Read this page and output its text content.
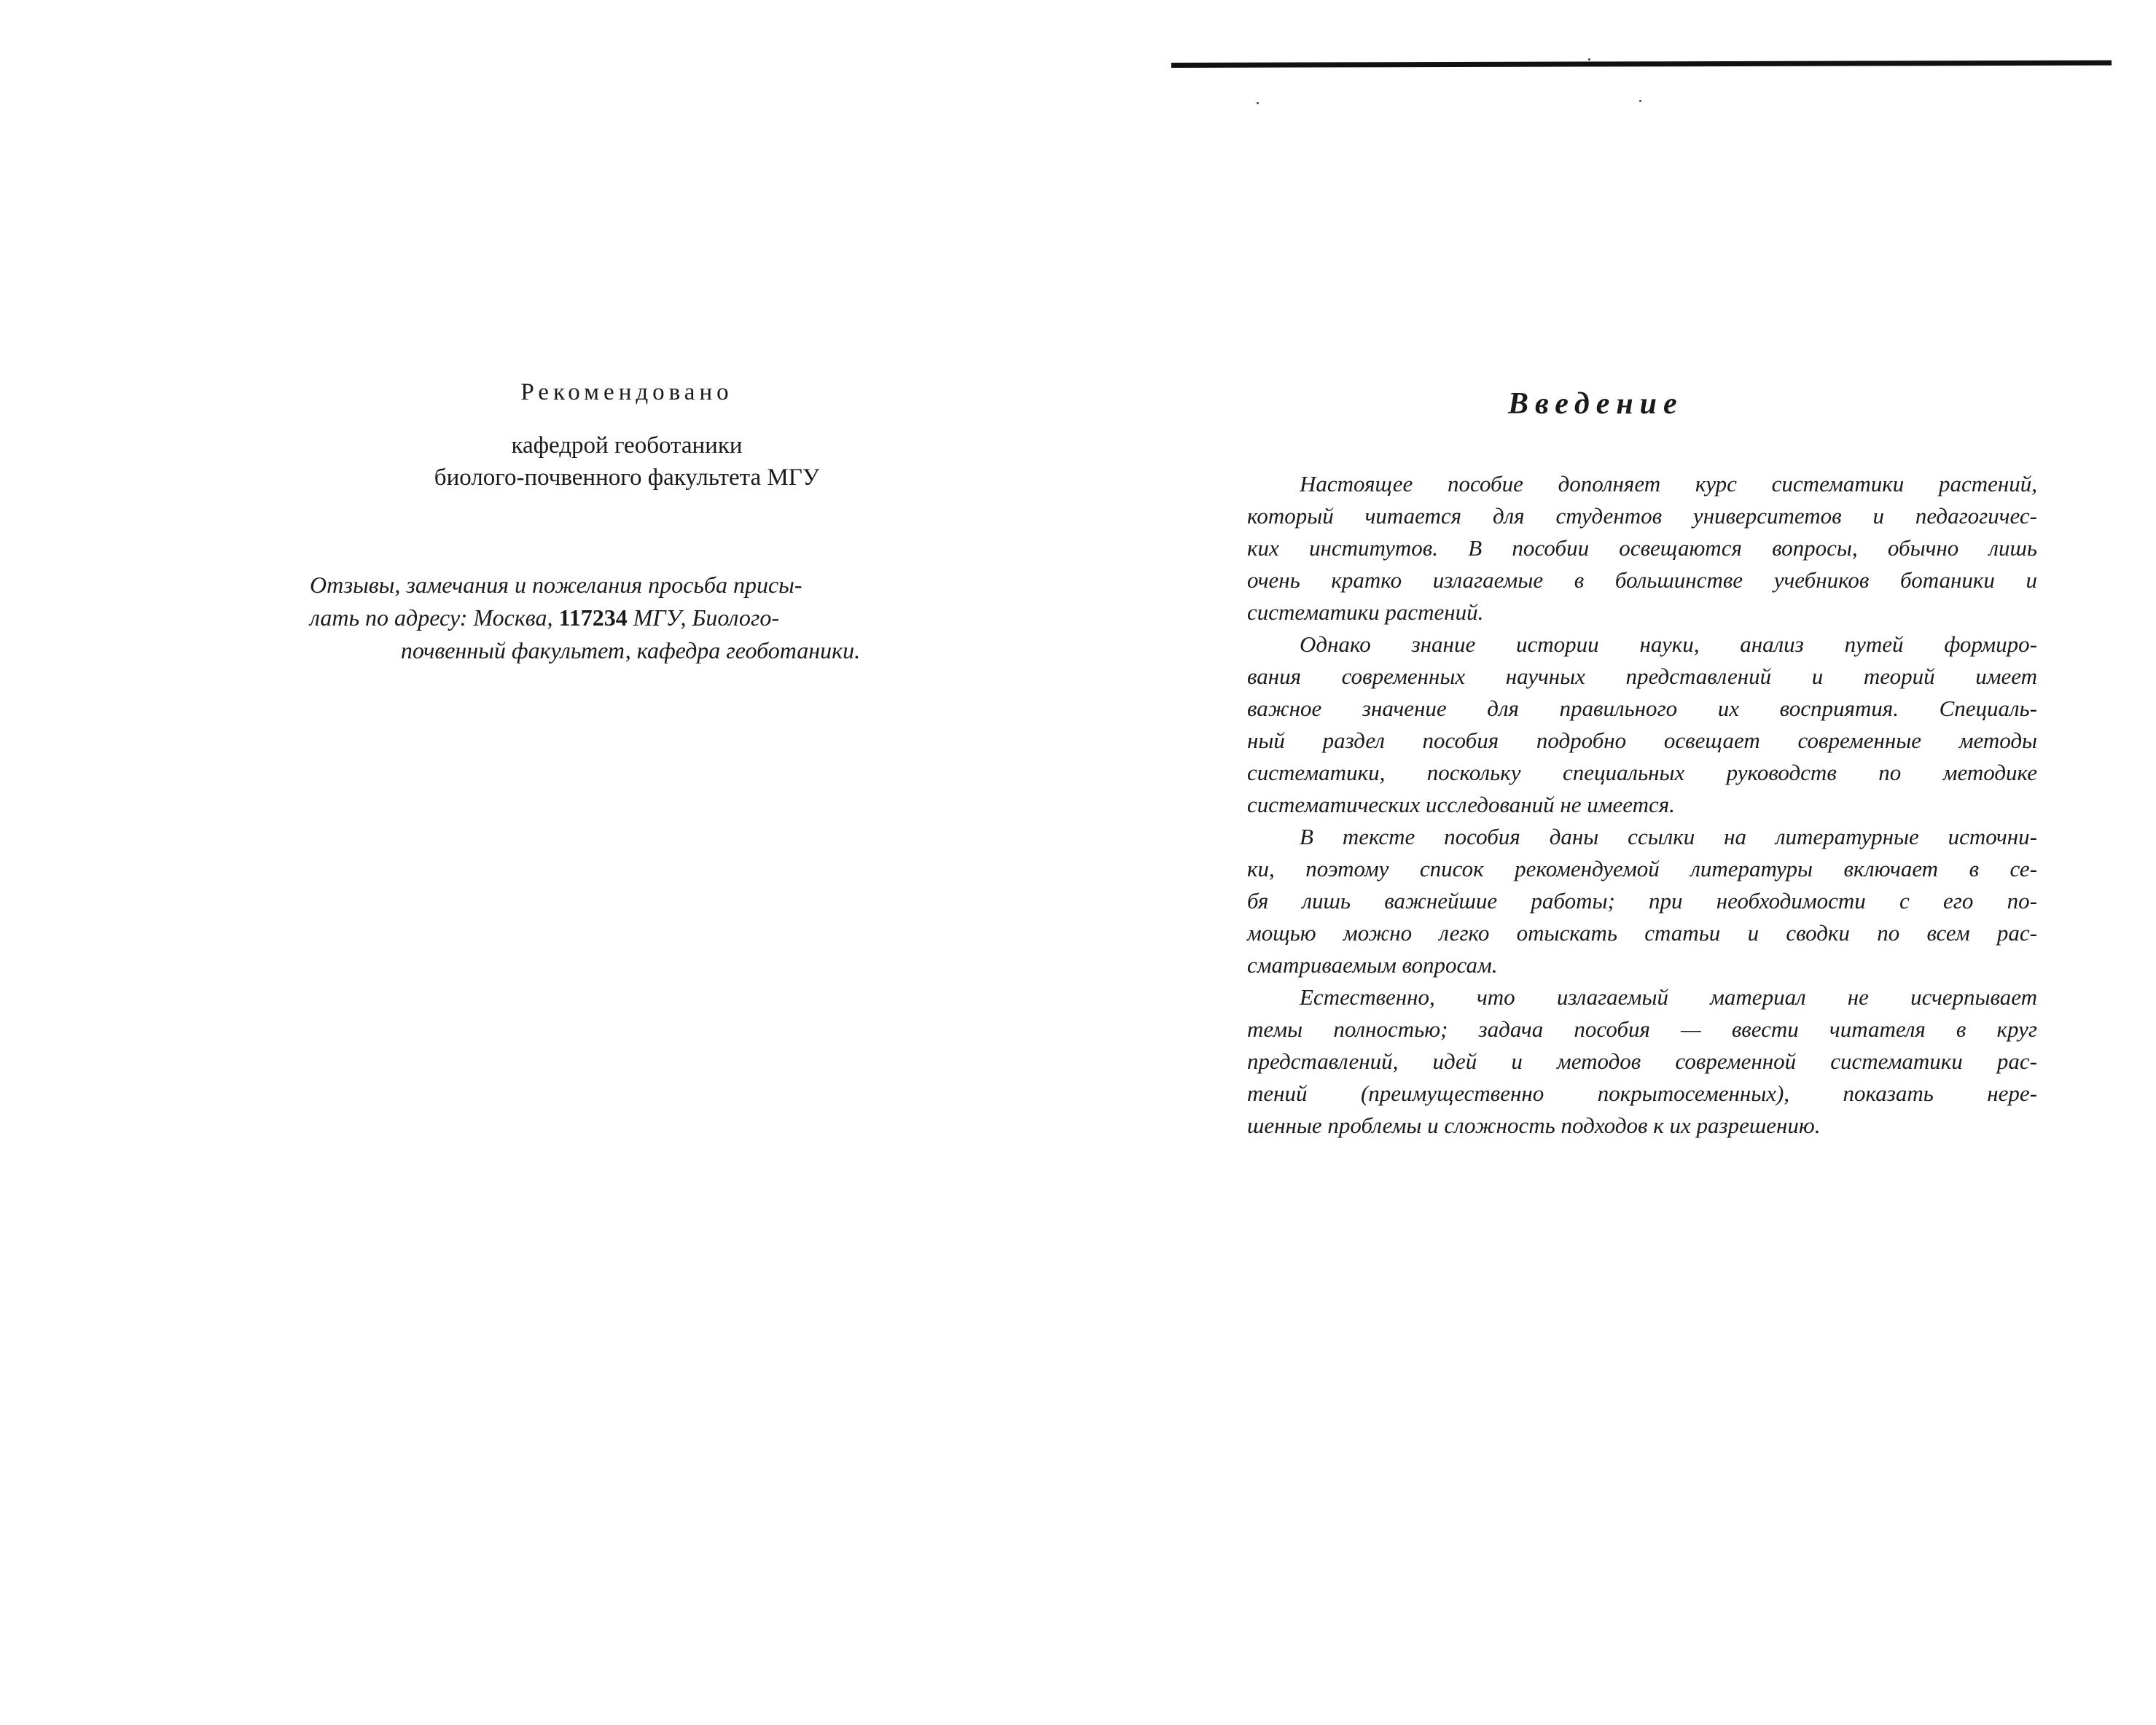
Рекомендовано

кафедрой геоботаники

биолого-почвенного факультета МГУ

Отзывы, замечания и пожелания просьба присы-
лать по адресу: Москва, 117234 МГУ, Биолого-
почвенный факультет, кафедра геоботаники.
Введение

Настоящее пособие дополняет курс систематики растений,
который читается для студентов университетов и педагогичес-
ких институтов. В пособии освещаются вопросы, обычно лишь
очень кратко излагаемые в большинстве учебников ботаники и
систематики растений.

Однако знание истории науки, анализ путей формиро-
вания современных научных представлений и теорий имеет
важное значение для правильного их восприятия. Специаль-
ный раздел пособия подробно освещает современные методы
систематики, поскольку специальных руководств по методике
систематических исследований не имеется.

В тексте пособия даны ссылки на литературные источни-
ки, поэтому список рекомендуемой литературы включает в се-
бя лишь важнейшие работы; при необходимости с его по-
мощью можно легко отыскать статьи и сводки по всем рас-
сматриваемым вопросам.

Естественно, что излагаемый материал не исчерпывает
темы полностью; задача пособия — ввести читателя в круг
представлений, идей и методов современной систематики рас-
тений (преимущественно покрытосеменных), показать нере-
шенные проблемы и сложность подходов к их разрешению.
